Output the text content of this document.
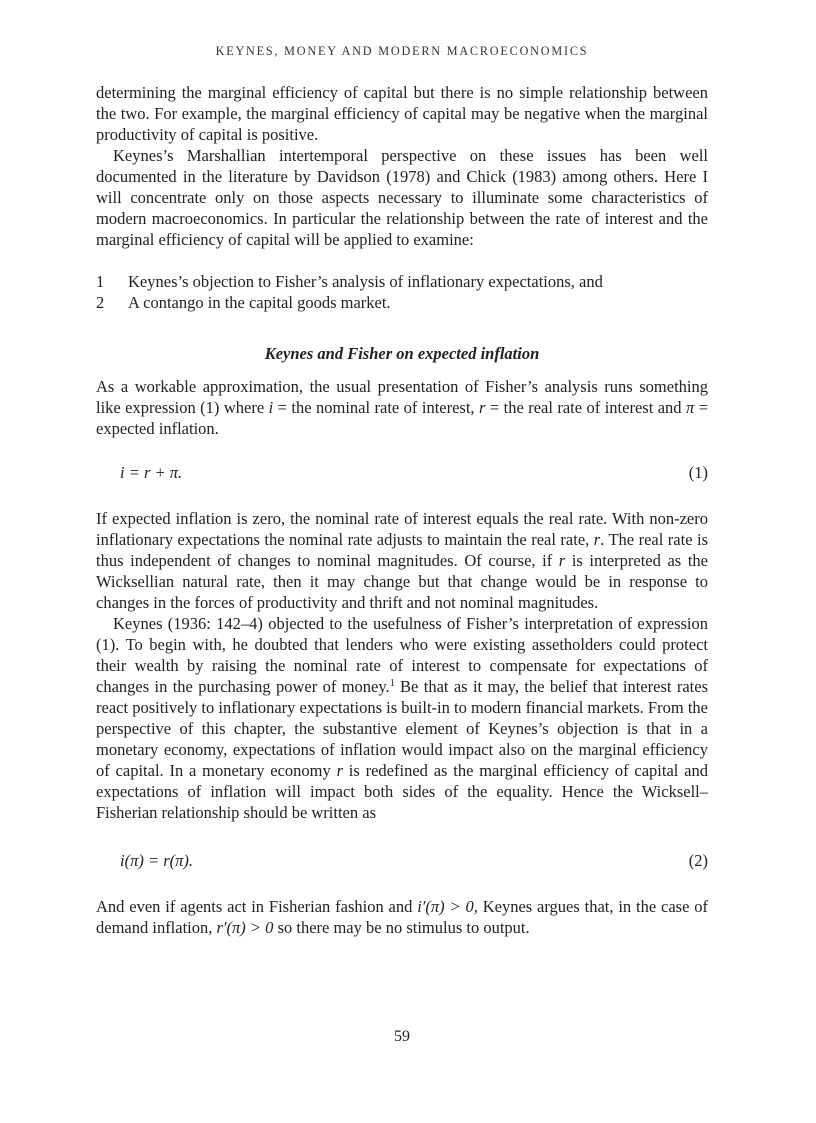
KEYNES, MONEY AND MODERN MACROECONOMICS

determining the marginal efficiency of capital but there is no simple relationship between the two. For example, the marginal efficiency of capital may be negative when the marginal productivity of capital is positive.

Keynes’s Marshallian intertemporal perspective on these issues has been well documented in the literature by Davidson (1978) and Chick (1983) among others. Here I will concentrate only on those aspects necessary to illuminate some characteristics of modern macroeconomics. In particular the relationship between the rate of interest and the marginal efficiency of capital will be applied to examine:

1	Keynes’s objection to Fisher’s analysis of inflationary expectations, and
2	A contango in the capital goods market.
Keynes and Fisher on expected inflation

As a workable approximation, the usual presentation of Fisher’s analysis runs something like expression (1) where i = the nominal rate of interest, r = the real rate of interest and π = expected inflation.

i = r + π.	(1)

If expected inflation is zero, the nominal rate of interest equals the real rate. With non-zero inflationary expectations the nominal rate adjusts to maintain the real rate, r. The real rate is thus independent of changes to nominal magnitudes. Of course, if r is interpreted as the Wicksellian natural rate, then it may change but that change would be in response to changes in the forces of productivity and thrift and not nominal magnitudes.

Keynes (1936: 142–4) objected to the usefulness of Fisher’s interpretation of expression (1). To begin with, he doubted that lenders who were existing assetholders could protect their wealth by raising the nominal rate of interest to compensate for expectations of changes in the purchasing power of money.$^1$ Be that as it may, the belief that interest rates react positively to inflationary expectations is built-in to modern financial markets. From the perspective of this chapter, the substantive element of Keynes’s objection is that in a monetary economy, expectations of inflation would impact also on the marginal efficiency of capital. In a monetary economy r is redefined as the marginal efficiency of capital and expectations of inflation will impact both sides of the equality. Hence the Wicksell–Fisherian relationship should be written as

i(π) = r(π).	(2)

And even if agents act in Fisherian fashion and i′(π) > 0, Keynes argues that, in the case of demand inflation, r′(π) > 0 so there may be no stimulus to output.

59
